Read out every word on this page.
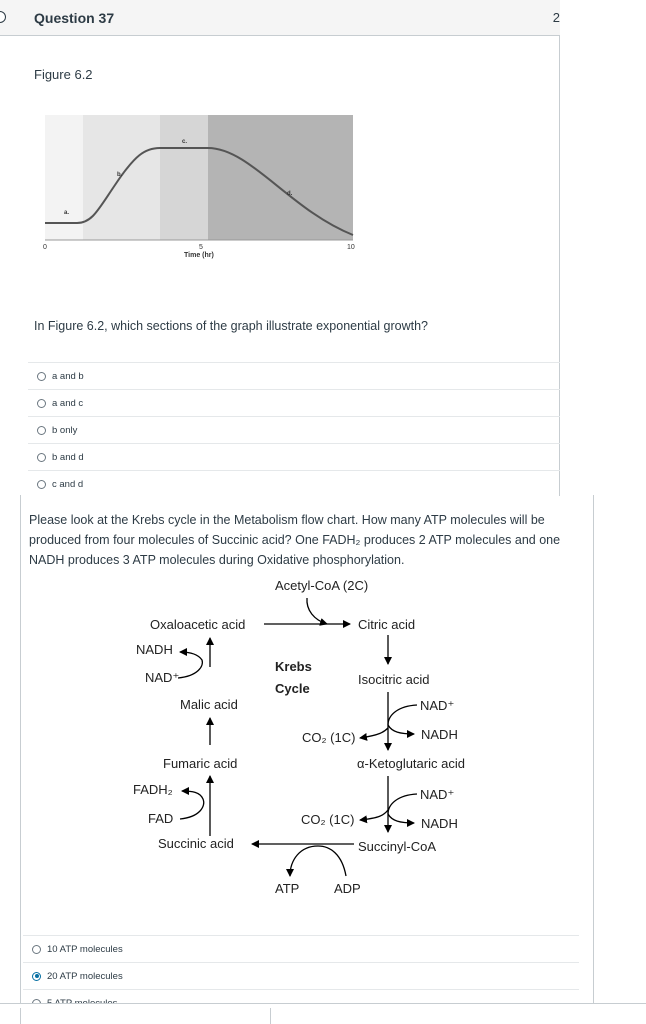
Question 37	2
Figure 6.2
a.
b.
c.
d.
0	5	10
Time (hr)
In Figure 6.2, which sections of the graph illustrate exponential growth?
a and b
a and c
b only
b and d
c and d
Please look at the Krebs cycle in the Metabolism flow chart. How many ATP molecules will be produced from four molecules of Succinic acid? One FADH₂ produces 2 ATP molecules and one NADH produces 3 ATP molecules during Oxidative phosphorylation.
Acetyl-CoA (2C)
Oxaloacetic acid	Citric acid
NADH
NAD⁺
Krebs
Cycle
Isocitric acid
Malic acid	NAD⁺
CO₂ (1C)	NADH
Fumaric acid	α-Ketoglutaric acid
FADH₂	NAD⁺
FAD	CO₂ (1C)	NADH
Succinic acid	Succinyl-CoA
ATP	ADP
10 ATP molecules
20 ATP molecules
